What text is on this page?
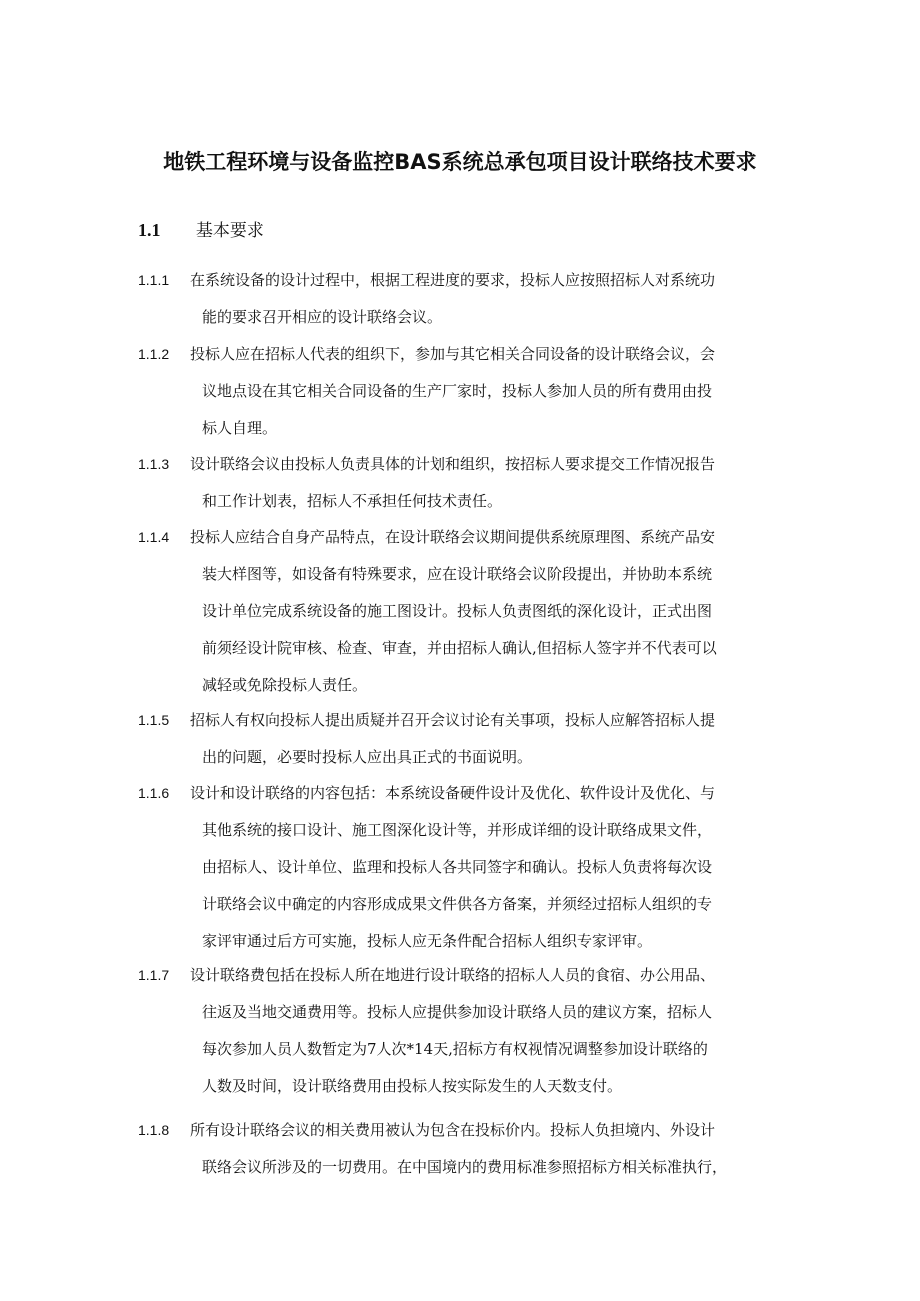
地铁工程环境与设备监控BAS系统总承包项目设计联络技术要求
1.1 基本要求
1.1.1 在系统设备的设计过程中，根据工程进度的要求，投标人应按照招标人对系统功
能的要求召开相应的设计联络会议。

1.1.2 投标人应在招标人代表的组织下，参加与其它相关合同设备的设计联络会议，会
议地点设在其它相关合同设备的生产厂家时，投标人参加人员的所有费用由投
标人自理。

1.1.3 设计联络会议由投标人负责具体的计划和组织，按招标人要求提交工作情况报告
和工作计划表，招标人不承担任何技术责任。

1.1.4 投标人应结合自身产品特点，在设计联络会议期间提供系统原理图、系统产品安
装大样图等，如设备有特殊要求，应在设计联络会议阶段提出，并协助本系统
设计单位完成系统设备的施工图设计。投标人负责图纸的深化设计，正式出图
前须经设计院审核、检查、审查，并由招标人确认,但招标人签字并不代表可以
减轻或免除投标人责任。

1.1.5 招标人有权向投标人提出质疑并召开会议讨论有关事项，投标人应解答招标人提
出的问题，必要时投标人应出具正式的书面说明。

1.1.6 设计和设计联络的内容包括：本系统设备硬件设计及优化、软件设计及优化、与
其他系统的接口设计、施工图深化设计等，并形成详细的设计联络成果文件，
由招标人、设计单位、监理和投标人各共同签字和确认。投标人负责将每次设
计联络会议中确定的内容形成成果文件供各方备案，并须经过招标人组织的专
家评审通过后方可实施，投标人应无条件配合招标人组织专家评审。

1.1.7 设计联络费包括在投标人所在地进行设计联络的招标人人员的食宿、办公用品、
往返及当地交通费用等。投标人应提供参加设计联络人员的建议方案，招标人
每次参加人员人数暂定为7人次*14天,招标方有权视情况调整参加设计联络的
人数及时间，设计联络费用由投标人按实际发生的人天数支付。

1.1.8 所有设计联络会议的相关费用被认为包含在投标价内。投标人负担境内、外设计
联络会议所涉及的一切费用。在中国境内的费用标准参照招标方相关标准执行，
